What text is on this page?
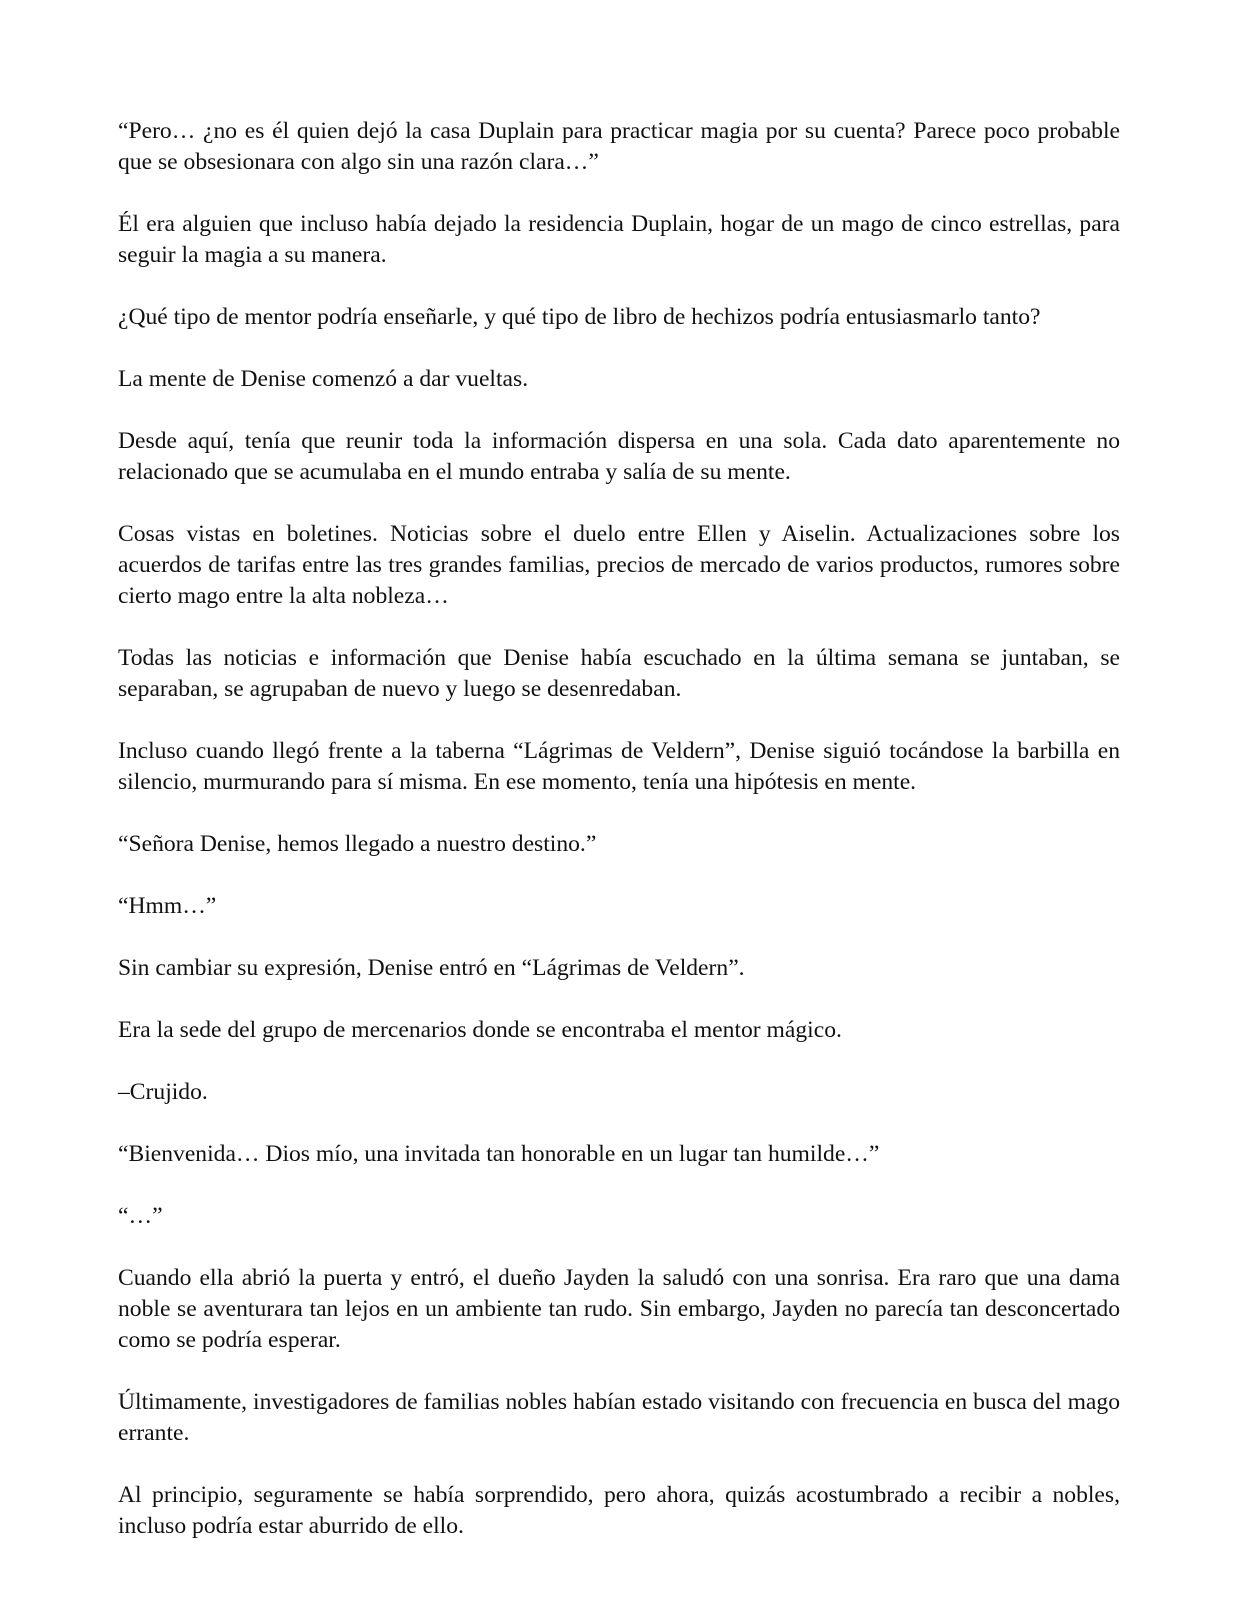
“Pero… ¿no es él quien dejó la casa Duplain para practicar magia por su cuenta? Parece poco probable que se obsesionara con algo sin una razón clara…”

Él era alguien que incluso había dejado la residencia Duplain, hogar de un mago de cinco estrellas, para seguir la magia a su manera.

¿Qué tipo de mentor podría enseñarle, y qué tipo de libro de hechizos podría entusiasmarlo tanto?

La mente de Denise comenzó a dar vueltas.

Desde aquí, tenía que reunir toda la información dispersa en una sola. Cada dato aparentemente no relacionado que se acumulaba en el mundo entraba y salía de su mente.

Cosas vistas en boletines. Noticias sobre el duelo entre Ellen y Aiselin. Actualizaciones sobre los acuerdos de tarifas entre las tres grandes familias, precios de mercado de varios productos, rumores sobre cierto mago entre la alta nobleza…

Todas las noticias e información que Denise había escuchado en la última semana se juntaban, se separaban, se agrupaban de nuevo y luego se desenredaban.

Incluso cuando llegó frente a la taberna “Lágrimas de Veldern”, Denise siguió tocándose la barbilla en silencio, murmurando para sí misma. En ese momento, tenía una hipótesis en mente.

“Señora Denise, hemos llegado a nuestro destino.”

“Hmm…”

Sin cambiar su expresión, Denise entró en “Lágrimas de Veldern”.

Era la sede del grupo de mercenarios donde se encontraba el mentor mágico.

–Crujido.

“Bienvenida… Dios mío, una invitada tan honorable en un lugar tan humilde…”

“…”

Cuando ella abrió la puerta y entró, el dueño Jayden la saludó con una sonrisa. Era raro que una dama noble se aventurara tan lejos en un ambiente tan rudo. Sin embargo, Jayden no parecía tan desconcertado como se podría esperar.

Últimamente, investigadores de familias nobles habían estado visitando con frecuencia en busca del mago errante.

Al principio, seguramente se había sorprendido, pero ahora, quizás acostumbrado a recibir a nobles, incluso podría estar aburrido de ello.
